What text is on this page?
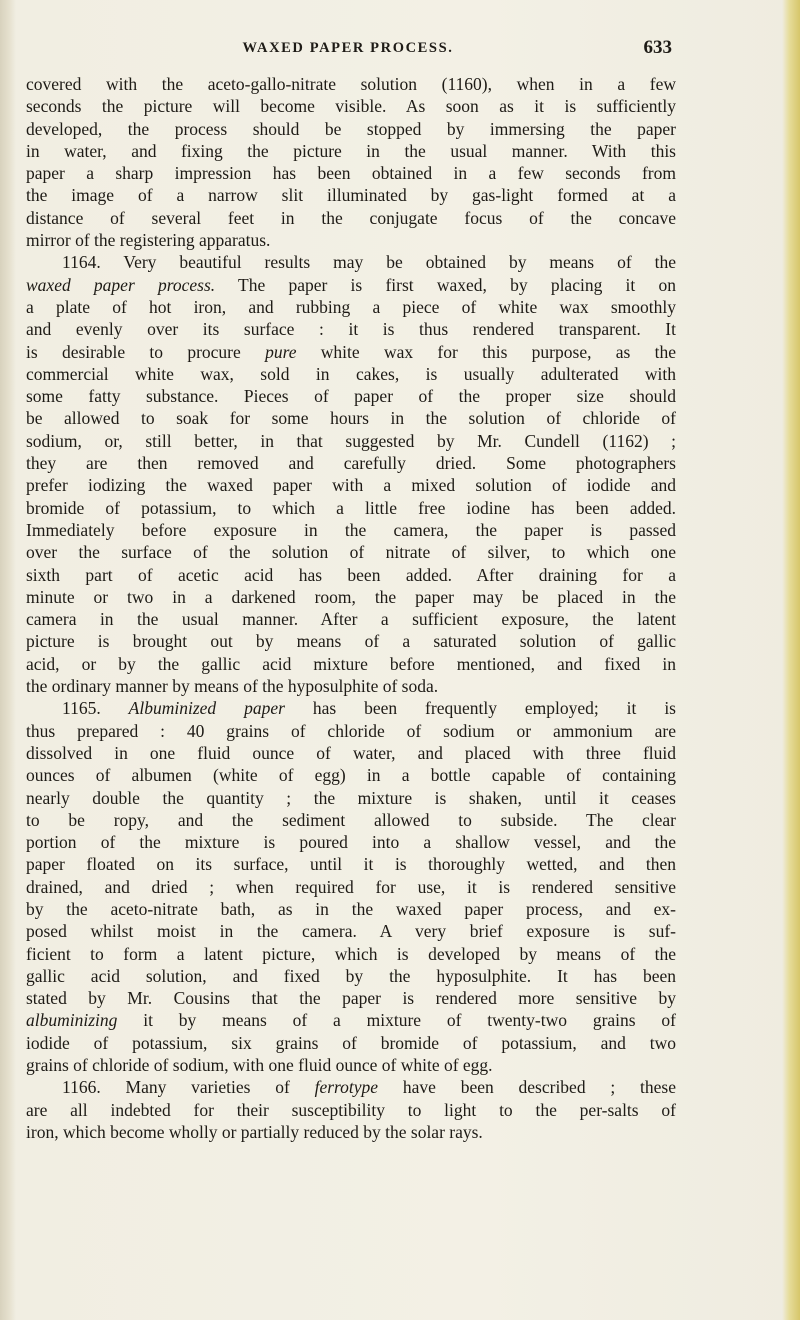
WAXED PAPER PROCESS.	633
covered with the aceto-gallo-nitrate solution (1160), when in a few
seconds the picture will become visible. As soon as it is sufficiently
developed, the process should be stopped by immersing the paper
in water, and fixing the picture in the usual manner. With this
paper a sharp impression has been obtained in a few seconds from
the image of a narrow slit illuminated by gas-light formed at a
distance of several feet in the conjugate focus of the concave
mirror of the registering apparatus.
1164. Very beautiful results may be obtained by means of the
waxed paper process. The paper is first waxed, by placing it on
a plate of hot iron, and rubbing a piece of white wax smoothly
and evenly over its surface : it is thus rendered transparent. It
is desirable to procure pure white wax for this purpose, as the
commercial white wax, sold in cakes, is usually adulterated with
some fatty substance. Pieces of paper of the proper size should
be allowed to soak for some hours in the solution of chloride of
sodium, or, still better, in that suggested by Mr. Cundell (1162) ;
they are then removed and carefully dried. Some photographers
prefer iodizing the waxed paper with a mixed solution of iodide and
bromide of potassium, to which a little free iodine has been added.
Immediately before exposure in the camera, the paper is passed
over the surface of the solution of nitrate of silver, to which one
sixth part of acetic acid has been added. After draining for a
minute or two in a darkened room, the paper may be placed in the
camera in the usual manner. After a sufficient exposure, the latent
picture is brought out by means of a saturated solution of gallic
acid, or by the gallic acid mixture before mentioned, and fixed in
the ordinary manner by means of the hyposulphite of soda.
1165. Albuminized paper has been frequently employed; it is
thus prepared : 40 grains of chloride of sodium or ammonium are
dissolved in one fluid ounce of water, and placed with three fluid
ounces of albumen (white of egg) in a bottle capable of containing
nearly double the quantity ; the mixture is shaken, until it ceases
to be ropy, and the sediment allowed to subside. The clear
portion of the mixture is poured into a shallow vessel, and the
paper floated on its surface, until it is thoroughly wetted, and then
drained, and dried ; when required for use, it is rendered sensitive
by the aceto-nitrate bath, as in the waxed paper process, and ex-
posed whilst moist in the camera. A very brief exposure is suf-
ficient to form a latent picture, which is developed by means of the
gallic acid solution, and fixed by the hyposulphite. It has been
stated by Mr. Cousins that the paper is rendered more sensitive by
albuminizing it by means of a mixture of twenty-two grains of
iodide of potassium, six grains of bromide of potassium, and two
grains of chloride of sodium, with one fluid ounce of white of egg.
1166. Many varieties of ferrotype have been described ; these
are all indebted for their susceptibility to light to the per-salts of
iron, which become wholly or partially reduced by the solar rays.
